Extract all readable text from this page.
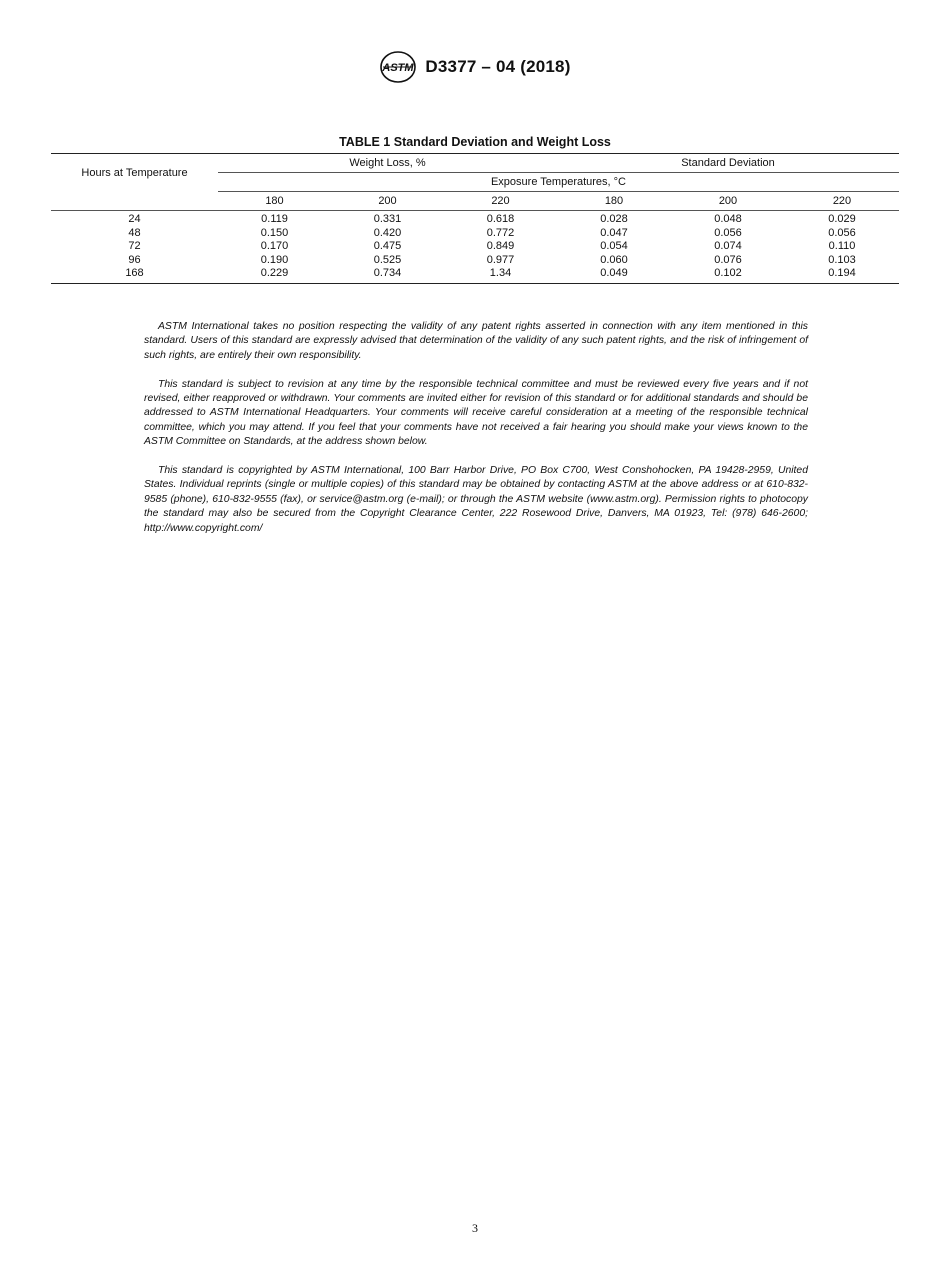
ASTM D3377 – 04 (2018)
TABLE 1 Standard Deviation and Weight Loss
Hours at Temperature	Weight Loss, %			Standard Deviation		
	Exposure Temperatures, °C					
	180	200	220	180	200	220
24	0.119	0.331	0.618	0.028	0.048	0.029
48	0.150	0.420	0.772	0.047	0.056	0.056
72	0.170	0.475	0.849	0.054	0.074	0.110
96	0.190	0.525	0.977	0.060	0.076	0.103
168	0.229	0.734	1.34	0.049	0.102	0.194

ASTM International takes no position respecting the validity of any patent rights asserted in connection with any item mentioned in this standard. Users of this standard are expressly advised that determination of the validity of any such patent rights, and the risk of infringement of such rights, are entirely their own responsibility.

This standard is subject to revision at any time by the responsible technical committee and must be reviewed every five years and if not revised, either reapproved or withdrawn. Your comments are invited either for revision of this standard or for additional standards and should be addressed to ASTM International Headquarters. Your comments will receive careful consideration at a meeting of the responsible technical committee, which you may attend. If you feel that your comments have not received a fair hearing you should make your views known to the ASTM Committee on Standards, at the address shown below.

This standard is copyrighted by ASTM International, 100 Barr Harbor Drive, PO Box C700, West Conshohocken, PA 19428-2959, United States. Individual reprints (single or multiple copies) of this standard may be obtained by contacting ASTM at the above address or at 610-832-9585 (phone), 610-832-9555 (fax), or service@astm.org (e-mail); or through the ASTM website (www.astm.org). Permission rights to photocopy the standard may also be secured from the Copyright Clearance Center, 222 Rosewood Drive, Danvers, MA 01923, Tel: (978) 646-2600; http://www.copyright.com/

3
